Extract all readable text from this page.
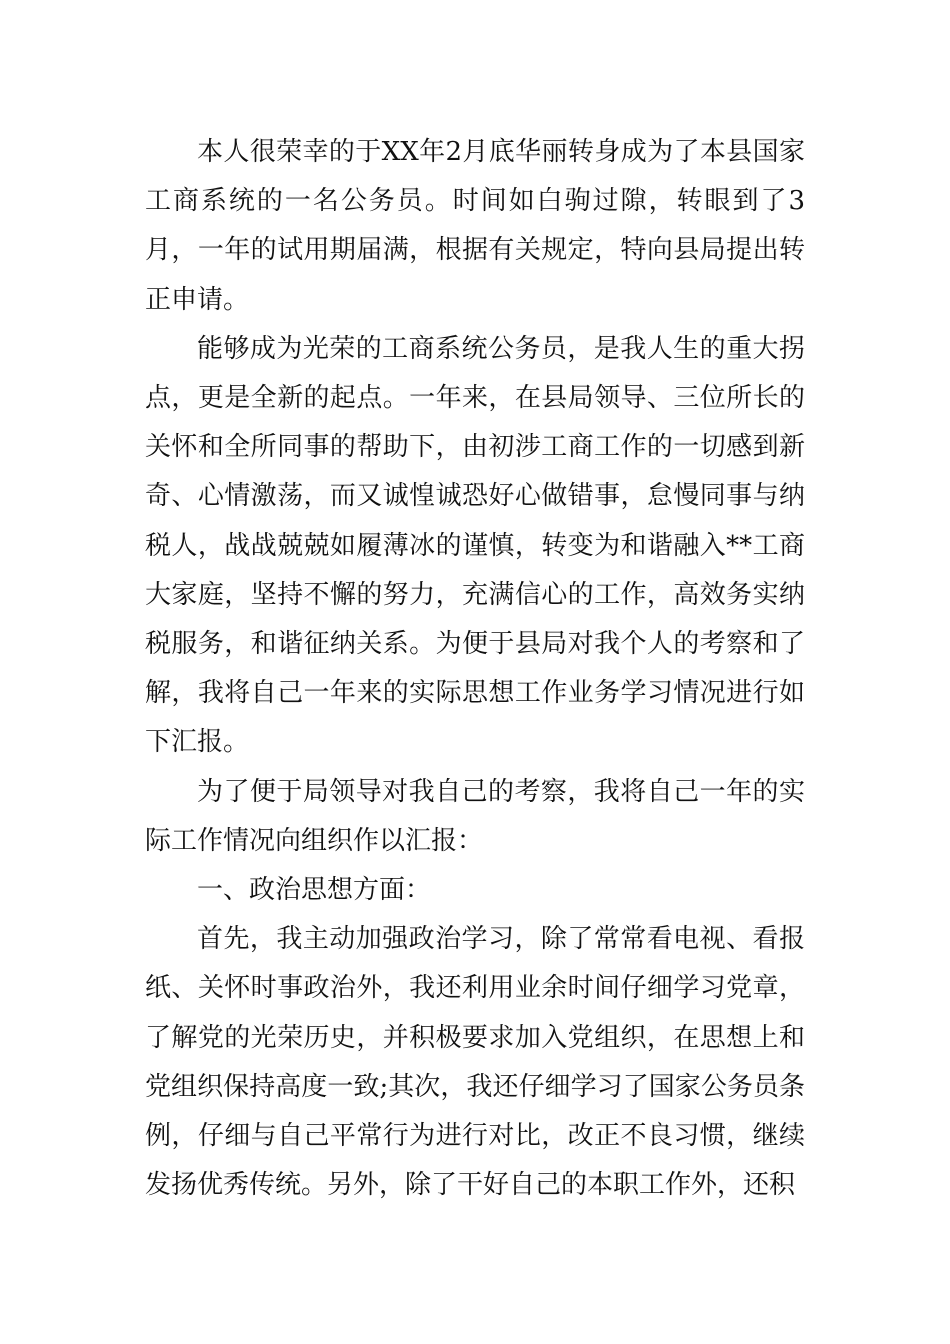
本人很荣幸的于XX年2月底华丽转身成为了本县国家工商系统的一名公务员。时间如白驹过隙，转眼到了3月，一年的试用期届满，根据有关规定，特向县局提出转正申请。

能够成为光荣的工商系统公务员，是我人生的重大拐点，更是全新的起点。一年来，在县局领导、三位所长的关怀和全所同事的帮助下，由初涉工商工作的一切感到新奇、心情激荡，而又诚惶诚恐好心做错事，怠慢同事与纳税人，战战兢兢如履薄冰的谨慎，转变为和谐融入**工商大家庭，坚持不懈的努力，充满信心的工作，高效务实纳税服务，和谐征纳关系。为便于县局对我个人的考察和了解，我将自己一年来的实际思想工作业务学习情况进行如下汇报。

为了便于局领导对我自己的考察，我将自己一年的实际工作情况向组织作以汇报：

一、政治思想方面：

首先，我主动加强政治学习，除了常常看电视、看报纸、关怀时事政治外，我还利用业余时间仔细学习党章，了解党的光荣历史，并积极要求加入党组织，在思想上和党组织保持高度一致;其次，我还仔细学习了国家公务员条例，仔细与自己平常行为进行对比，改正不良习惯，继续发扬优秀传统。另外，除了干好自己的本职工作外，还积
